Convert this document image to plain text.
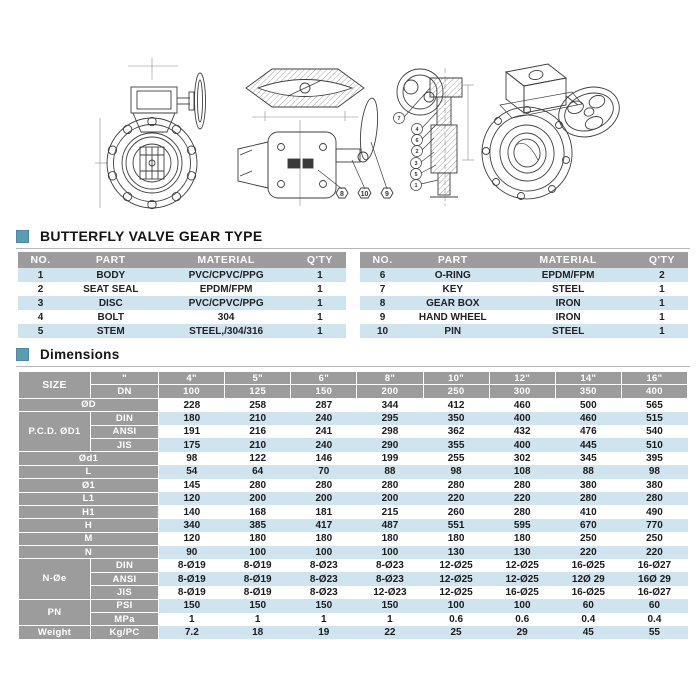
8 10 9
7
4
6
2
3
5
1
BUTTERFLY VALVE GEAR TYPE
NO.	PART	MATERIAL	Q'TY
1	BODY	PVC/CPVC/PPG	1
2	SEAT SEAL	EPDM/FPM	1
3	DISC	PVC/CPVC/PPG	1
4	BOLT	304	1
5	STEM	STEEL,/304/316	1
NO.	PART	MATERIAL	Q'TY
6	O-RING	EPDM/FPM	2
7	KEY	STEEL	1
8	GEAR BOX	IRON	1
9	HAND WHEEL	IRON	1
10	PIN	STEEL	1
Dimensions
SIZE	"	4"	5"	6"	8"	10"	12"	14"	16"
	DN	100	125	150	200	250	300	350	400
ØD		228	258	287	344	412	460	500	565
P.C.D. ØD1	DIN	180	210	240	295	350	400	460	515
	ANSI	191	216	241	298	362	432	476	540
	JIS	175	210	240	290	355	400	445	510
Ød1		98	122	146	199	255	302	345	395
L		54	64	70	88	98	108	88	98
Ø1		145	280	280	280	280	280	380	380
L1		120	200	200	200	220	220	280	280
H1		140	168	181	215	260	280	410	490
H		340	385	417	487	551	595	670	770
M		120	180	180	180	180	180	250	250
N		90	100	100	100	130	130	220	220
N-Øe	DIN	8-Ø19	8-Ø19	8-Ø23	8-Ø23	12-Ø25	12-Ø25	16-Ø25	16-Ø27
	ANSI	8-Ø19	8-Ø19	8-Ø23	8-Ø23	12-Ø25	12-Ø25	12Ø 29	16Ø 29
	JIS	8-Ø19	8-Ø19	8-Ø23	12-Ø23	12-Ø25	16-Ø25	16-Ø25	16-Ø27
PN	PSI	150	150	150	150	100	100	60	60
	MPa	1	1	1	1	0.6	0.6	0.4	0.4
Weight	Kg/PC	7.2	18	19	22	25	29	45	55
